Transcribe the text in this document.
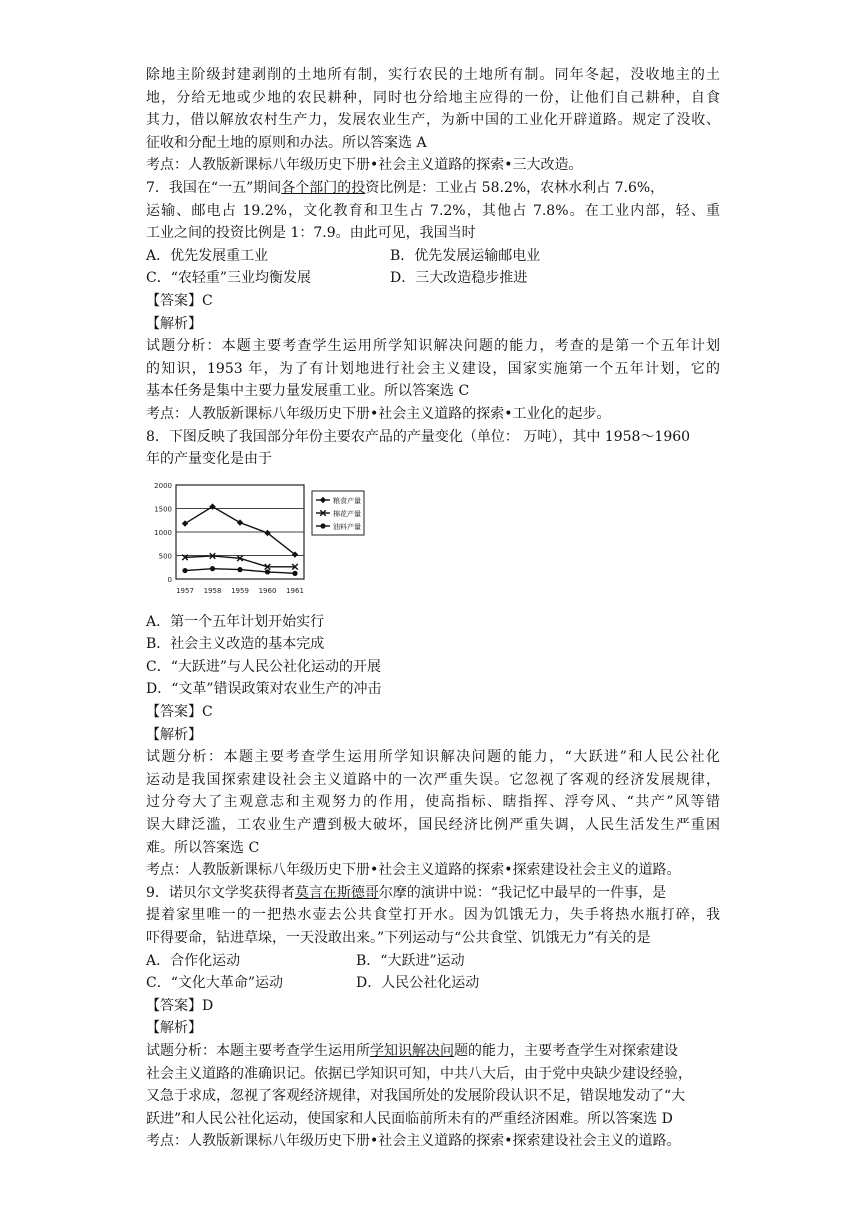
除地主阶级封建剥削的土地所有制，实行农民的土地所有制。同年冬起，没收地主的土
地，分给无地或少地的农民耕种，同时也分给地主应得的一份，让他们自己耕种，自食
其力，借以解放农村生产力，发展农业生产，为新中国的工业化开辟道路。规定了没收、
征收和分配土地的原则和办法。所以答案选 A
考点：人教版新课标八年级历史下册•社会主义道路的探索•三大改造。
7．我国在“一五”期间各个部门的投资比例是：工业占 58.2%，农林水利占 7.6%，
运输、邮电占 19.2%，文化教育和卫生占 7.2%，其他占 7.8%。在工业内部，轻、重
工业之间的投资比例是 1：7.9。由此可见，我国当时
A．优先发展重工业	B．优先发展运输邮电业
C．“农轻重”三业均衡发展	D．三大改造稳步推进
【答案】C
【解析】
试题分析：本题主要考查学生运用所学知识解决问题的能力，考查的是第一个五年计划
的知识，1953 年，为了有计划地进行社会主义建设，国家实施第一个五年计划，它的
基本任务是集中主要力量发展重工业。所以答案选 C
考点：人教版新课标八年级历史下册•社会主义道路的探索•工业化的起步。
8．下图反映了我国部分年份主要农产品的产量变化（单位： 万吨），其中 1958～1960
年的产量变化是由于
2000
1500
1000
500
0
1957 1958 1959 1960 1961
粮食产量
棉花产量
油料产量
A．第一个五年计划开始实行
B．社会主义改造的基本完成
C．“大跃进”与人民公社化运动的开展
D．“文革”错误政策对农业生产的冲击
【答案】C
【解析】
试题分析：本题主要考查学生运用所学知识解决问题的能力，“大跃进”和人民公社化
运动是我国探索建设社会主义道路中的一次严重失误。它忽视了客观的经济发展规律，
过分夸大了主观意志和主观努力的作用，使高指标、瞎指挥、浮夸风、“共产”风等错
误大肆泛滥，工农业生产遭到极大破坏，国民经济比例严重失调，人民生活发生严重困
难。所以答案选 C
考点：人教版新课标八年级历史下册•社会主义道路的探索•探索建设社会主义的道路。
9．诺贝尔文学奖获得者莫言在斯德哥尔摩的演讲中说：“我记忆中最早的一件事，是
提着家里唯一的一把热水壶去公共食堂打开水。因为饥饿无力，失手将热水瓶打碎，我
吓得要命，钻进草垛，一天没敢出来。”下列运动与“公共食堂、饥饿无力”有关的是
A．合作化运动	B．“大跃进”运动
C．“文化大革命”运动	D．人民公社化运动
【答案】D
【解析】
试题分析：本题主要考查学生运用所学知识解决问题的能力，主要考查学生对探索建设
社会主义道路的准确识记。依据已学知识可知，中共八大后，由于党中央缺少建设经验，
又急于求成，忽视了客观经济规律，对我国所处的发展阶段认识不足，错误地发动了“大
跃进”和人民公社化运动，使国家和人民面临前所未有的严重经济困难。所以答案选 D
考点：人教版新课标八年级历史下册•社会主义道路的探索•探索建设社会主义的道路。
